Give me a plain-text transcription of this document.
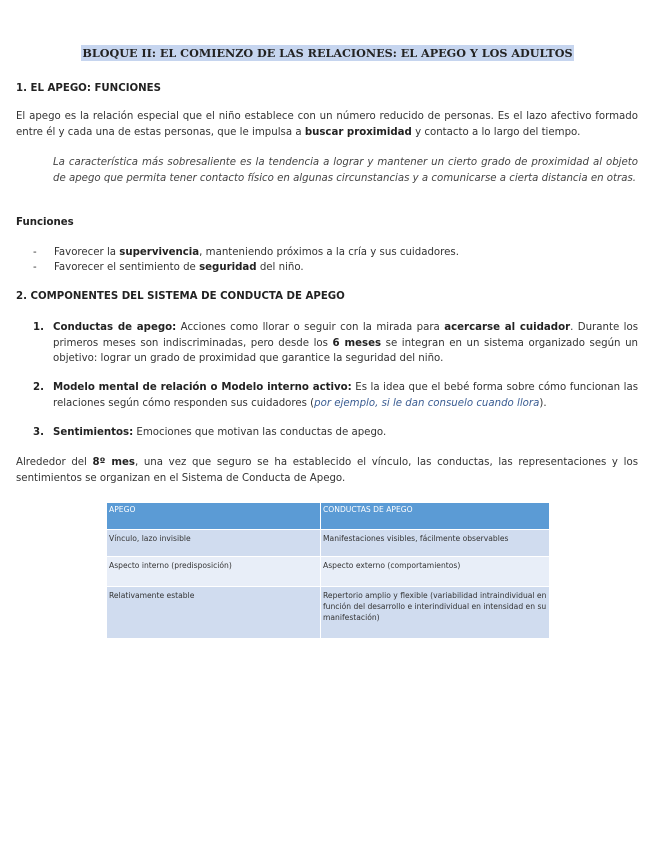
BLOQUE II: EL COMIENZO DE LAS RELACIONES: EL APEGO Y LOS ADULTOS
1. EL APEGO: FUNCIONES
El apego es la relación especial que el niño establece con un número reducido de personas. Es el lazo afectivo formado entre él y cada una de estas personas, que le impulsa a buscar proximidad y contacto a lo largo del tiempo.
La característica más sobresaliente es la tendencia a lograr y mantener un cierto grado de proximidad al objeto de apego que permita tener contacto físico en algunas circunstancias y a comunicarse a cierta distancia en otras.
Funciones
- Favorecer la supervivencia, manteniendo próximos a la cría y sus cuidadores.
- Favorecer el sentimiento de seguridad del niño.
2. COMPONENTES DEL SISTEMA DE CONDUCTA DE APEGO
1. Conductas de apego: Acciones como llorar o seguir con la mirada para acercarse al cuidador. Durante los primeros meses son indiscriminadas, pero desde los 6 meses se integran en un sistema organizado según un objetivo: lograr un grado de proximidad que garantice la seguridad del niño.
2. Modelo mental de relación o Modelo interno activo: Es la idea que el bebé forma sobre cómo funcionan las relaciones según cómo responden sus cuidadores (por ejemplo, si le dan consuelo cuando llora).
3. Sentimientos: Emociones que motivan las conductas de apego.
Alrededor del 8º mes, una vez que seguro se ha establecido el vínculo, las conductas, las representaciones y los sentimientos se organizan en el Sistema de Conducta de Apego.
APEGO	CONDUCTAS DE APEGO
Vínculo, lazo invisible	Manifestaciones visibles, fácilmente observables
Aspecto interno (predisposición)	Aspecto externo (comportamientos)
Relativamente estable	Repertorio amplio y flexible (variabilidad intraindividual en función del desarrollo e interindividual en intensidad en su manifestación)
